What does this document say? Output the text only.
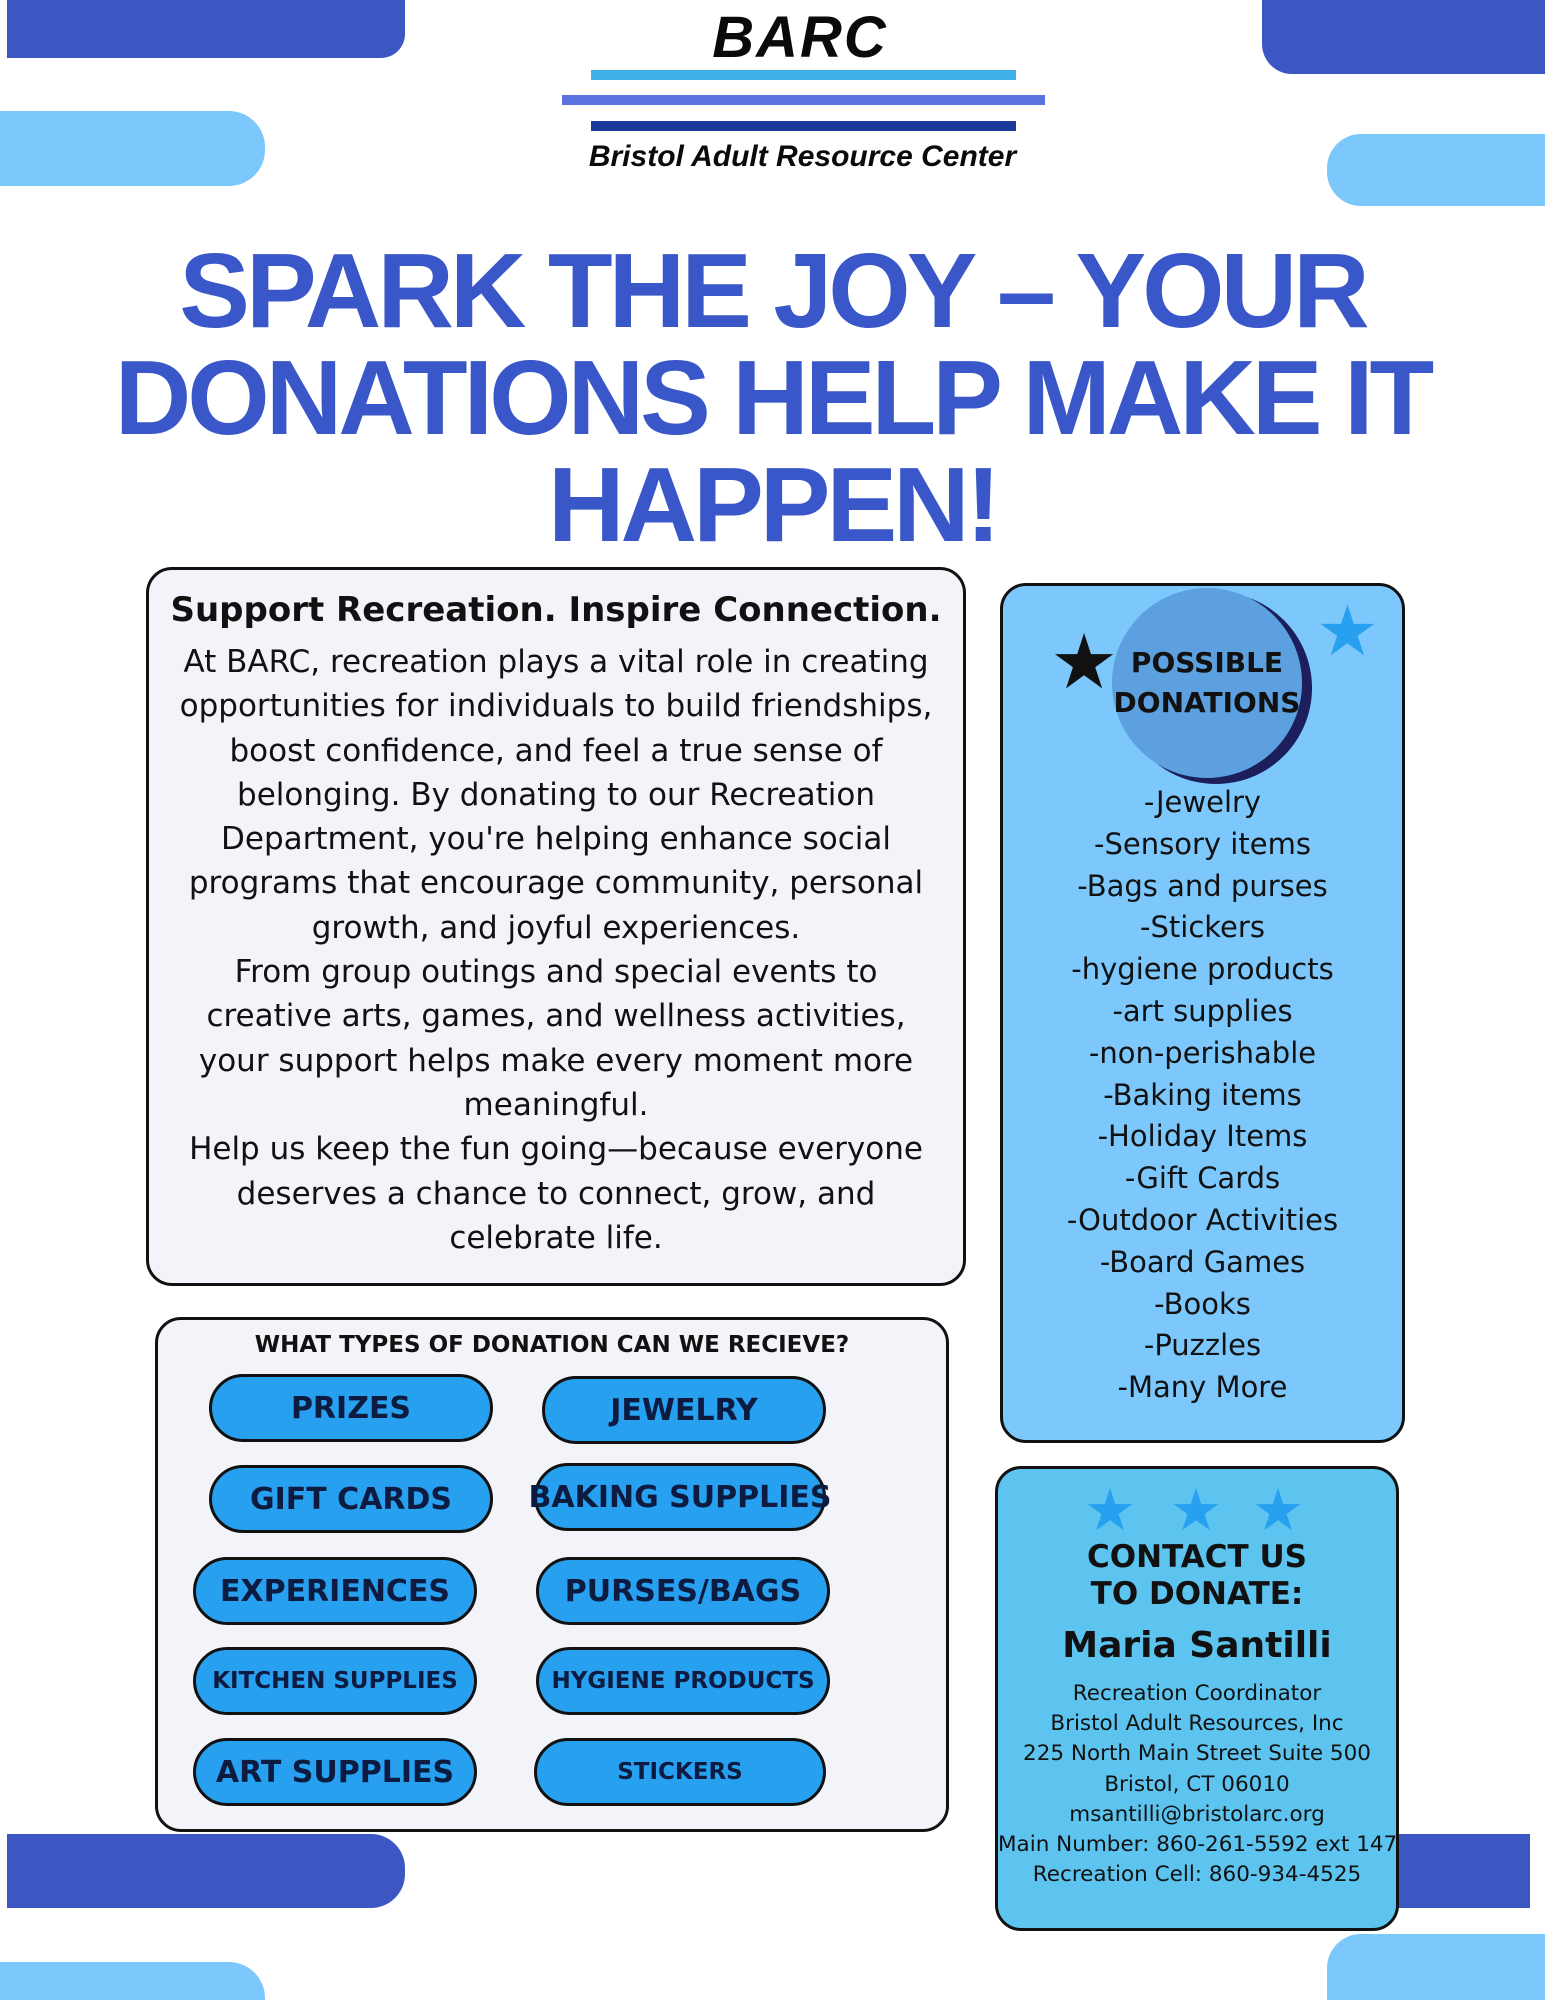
BARC
Bristol Adult Resource Center
SPARK THE JOY – YOUR
DONATIONS HELP MAKE IT
HAPPEN!
Support Recreation. Inspire Connection.

At BARC, recreation plays a vital role in creating opportunities for individuals to build friendships, boost confidence, and feel a true sense of belonging. By donating to our Recreation Department, you're helping enhance social programs that encourage community, personal growth, and joyful experiences.

From group outings and special events to creative arts, games, and wellness activities, your support helps make every moment more meaningful.

Help us keep the fun going—because everyone deserves a chance to connect, grow, and celebrate life.

WHAT TYPES OF DONATION CAN WE RECIEVE?
PRIZES	JEWELRY
GIFT CARDS	BAKING SUPPLIES
EXPERIENCES	PURSES/BAGS
KITCHEN SUPPLIES	HYGIENE PRODUCTS
ART SUPPLIES	STICKERS
POSSIBLE
DONATIONS
★	★
-Jewelry
-Sensory items
-Bags and purses
-Stickers
-hygiene products
-art supplies
-non-perishable
-Baking items
-Holiday Items
-Gift Cards
-Outdoor Activities
-Board Games
-Books
-Puzzles
-Many More
★ ★ ★
CONTACT US
TO DONATE:
Maria Santilli
Recreation Coordinator
Bristol Adult Resources, Inc
225 North Main Street Suite 500
Bristol, CT 06010
msantilli@bristolarc.org
Main Number: 860-261-5592 ext 147
Recreation Cell: 860-934-4525
